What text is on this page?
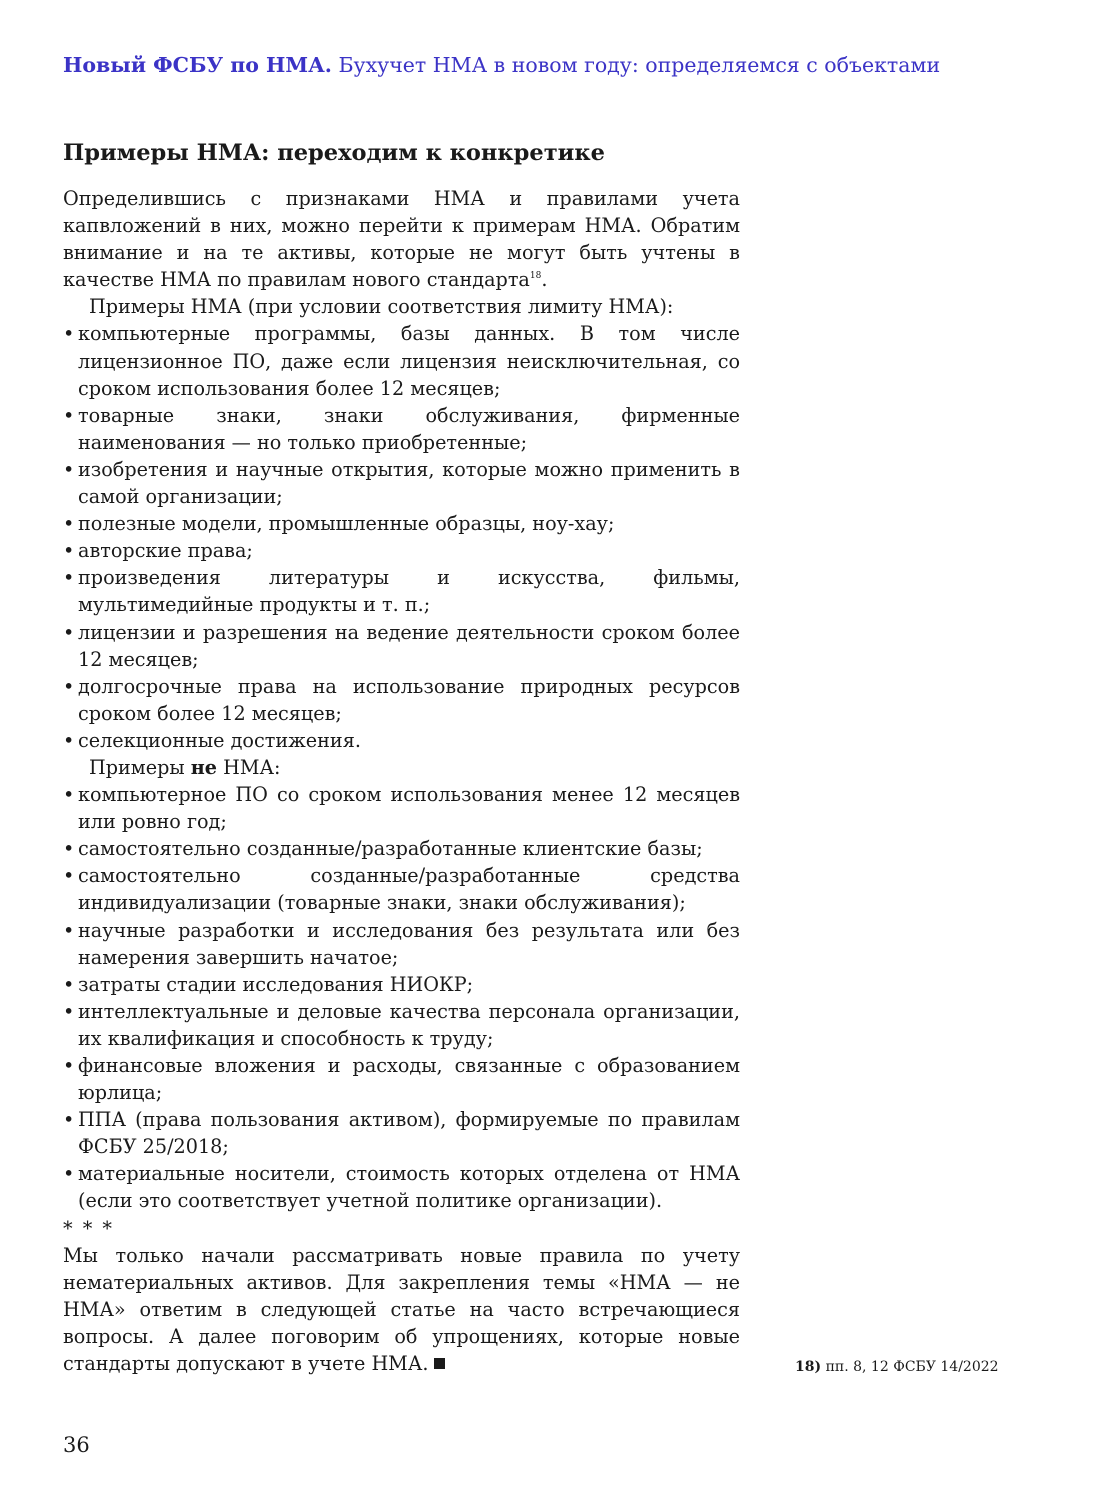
Новый ФСБУ по НМА. Бухучет НМА в новом году: определяемся с объектами
Примеры НМА: переходим к конкретике

Определившись с признаками НМА и правилами учета капвложений в них, можно перейти к примерам НМА. Обратим внимание и на те активы, которые не могут быть учтены в качестве НМА по правилам нового стандарта$^{18}$.

Примеры НМА (при условии соответствия лимиту НМА):

• компьютерные программы, базы данных. В том числе лицензионное ПО, даже если лицензия неисключительная, со сроком использования более 12 месяцев;
• товарные знаки, знаки обслуживания, фирменные наименования — но только приобретенные;
• изобретения и научные открытия, которые можно применить в самой организации;
• полезные модели, промышленные образцы, ноу-хау;
• авторские права;
• произведения литературы и искусства, фильмы, мультимедийные продукты и т. п.;
• лицензии и разрешения на ведение деятельности сроком более 12 месяцев;
• долгосрочные права на использование природных ресурсов сроком более 12 месяцев;
• селекционные достижения.

Примеры не НМА:

• компьютерное ПО со сроком использования менее 12 месяцев или ровно год;
• самостоятельно созданные/разработанные клиентские базы;
• самостоятельно созданные/разработанные средства индивидуализации (товарные знаки, знаки обслуживания);
• научные разработки и исследования без результата или без намерения завершить начатое;
• затраты стадии исследования НИОКР;
• интеллектуальные и деловые качества персонала организации, их квалификация и способность к труду;
• финансовые вложения и расходы, связанные с образованием юрлица;
• ППА (права пользования активом), формируемые по правилам ФСБУ 25/2018;
• материальные носители, стоимость которых отделена от НМА (если это соответствует учетной политике организации).

* * *

Мы только начали рассматривать новые правила по учету нематериальных активов. Для закрепления темы «НМА — не НМА» ответим в следующей статье на часто встречающиеся вопросы. А далее поговорим об упрощениях, которые новые стандарты допускают в учете НМА.	18) пп. 8, 12 ФСБУ 14/2022
36
